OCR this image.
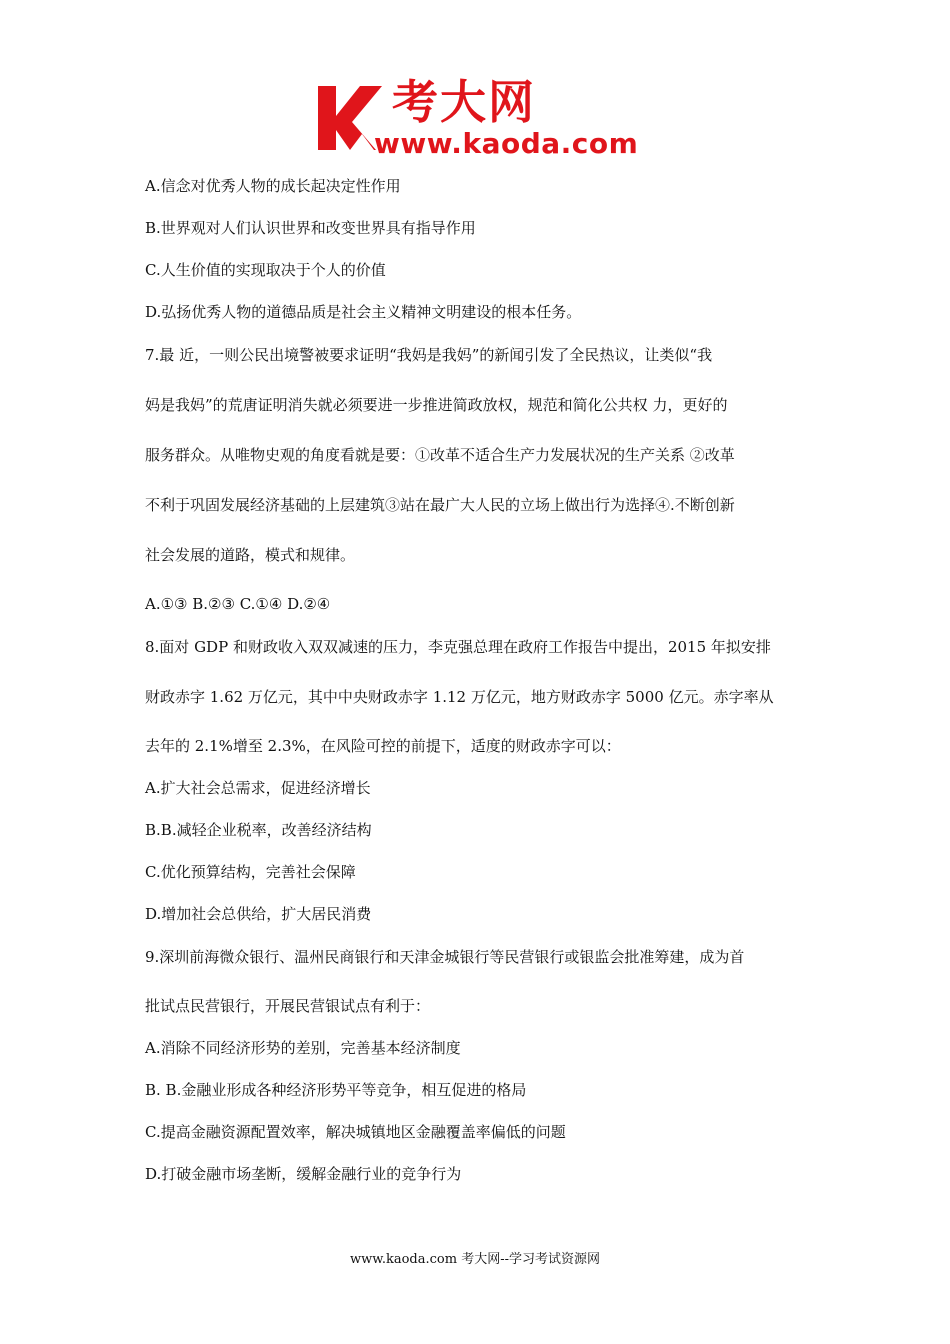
考大网
www.kaoda.com

A.信念对优秀人物的成长起决定性作用

B.世界观对人们认识世界和改变世界具有指导作用

C.人生价值的实现取决于个人的价值

D.弘扬优秀人物的道德品质是社会主义精神文明建设的根本任务。

7.最 近，一则公民出境警被要求证明“我妈是我妈”的新闻引发了全民热议，让类似“我

妈是我妈”的荒唐证明消失就必须要进一步推进简政放权，规范和简化公共权 力，更好的

服务群众。从唯物史观的角度看就是要：①改革不适合生产力发展状况的生产关系 ②改革

不利于巩固发展经济基础的上层建筑③站在最广大人民的立场上做出行为选择④.不断创新

社会发展的道路，模式和规律。

A.①③ B.②③ C.①④ D.②④

8.面对 GDP 和财政收入双双减速的压力，李克强总理在政府工作报告中提出，2015 年拟安排

财政赤字 1.62 万亿元，其中中央财政赤字 1.12 万亿元，地方财政赤字 5000 亿元。赤字率从

去年的 2.1%增至 2.3%，在风险可控的前提下，适度的财政赤字可以：

A.扩大社会总需求，促进经济增长

B.B.减轻企业税率，改善经济结构

C.优化预算结构，完善社会保障

D.增加社会总供给，扩大居民消费

9.深圳前海微众银行、温州民商银行和天津金城银行等民营银行或银监会批准筹建，成为首

批试点民营银行，开展民营银试点有利于：

A.消除不同经济形势的差别，完善基本经济制度

B. B.金融业形成各种经济形势平等竞争，相互促进的格局

C.提高金融资源配置效率，解决城镇地区金融覆盖率偏低的问题

D.打破金融市场垄断，缓解金融行业的竞争行为

www.kaoda.com 考大网--学习考试资源网
